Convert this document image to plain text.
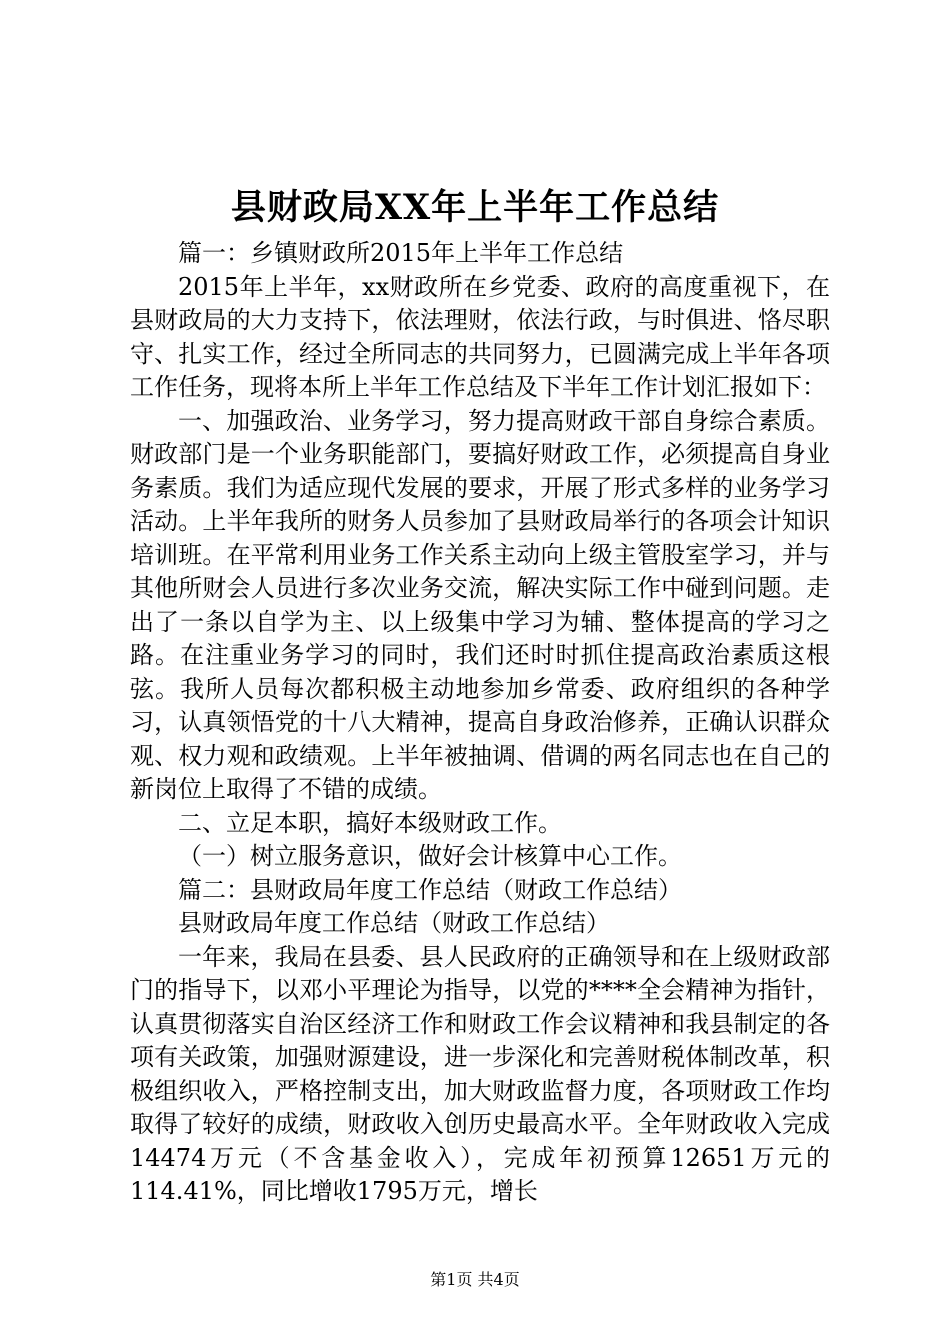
县财政局XX年上半年工作总结

篇一：乡镇财政所2015年上半年工作总结

2015年上半年，xx财政所在乡党委、政府的高度重视下，在县财政局的大力支持下，依法理财，依法行政，与时俱进、恪尽职守、扎实工作，经过全所同志的共同努力，已圆满完成上半年各项工作任务，现将本所上半年工作总结及下半年工作计划汇报如下：

一、加强政治、业务学习，努力提高财政干部自身综合素质。财政部门是一个业务职能部门，要搞好财政工作，必须提高自身业务素质。我们为适应现代发展的要求，开展了形式多样的业务学习活动。上半年我所的财务人员参加了县财政局举行的各项会计知识培训班。在平常利用业务工作关系主动向上级主管股室学习，并与其他所财会人员进行多次业务交流，解决实际工作中碰到问题。走出了一条以自学为主、以上级集中学习为辅、整体提高的学习之路。在注重业务学习的同时，我们还时时抓住提高政治素质这根弦。我所人员每次都积极主动地参加乡常委、政府组织的各种学习，认真领悟党的十八大精神，提高自身政治修养，正确认识群众观、权力观和政绩观。上半年被抽调、借调的两名同志也在自己的新岗位上取得了不错的成绩。

二、立足本职，搞好本级财政工作。

（一）树立服务意识，做好会计核算中心工作。

篇二：县财政局年度工作总结（财政工作总结）

县财政局年度工作总结（财政工作总结）

一年来，我局在县委、县人民政府的正确领导和在上级财政部门的指导下，以邓小平理论为指导，以党的****全会精神为指针，认真贯彻落实自治区经济工作和财政工作会议精神和我县制定的各项有关政策，加强财源建设，进一步深化和完善财税体制改革，积极组织收入，严格控制支出，加大财政监督力度，各项财政工作均取得了较好的成绩，财政收入创历史最高水平。全年财政收入完成14474万元（不含基金收入），完成年初预算12651万元的114.41%，同比增收1795万元，增长

第1页 共4页
